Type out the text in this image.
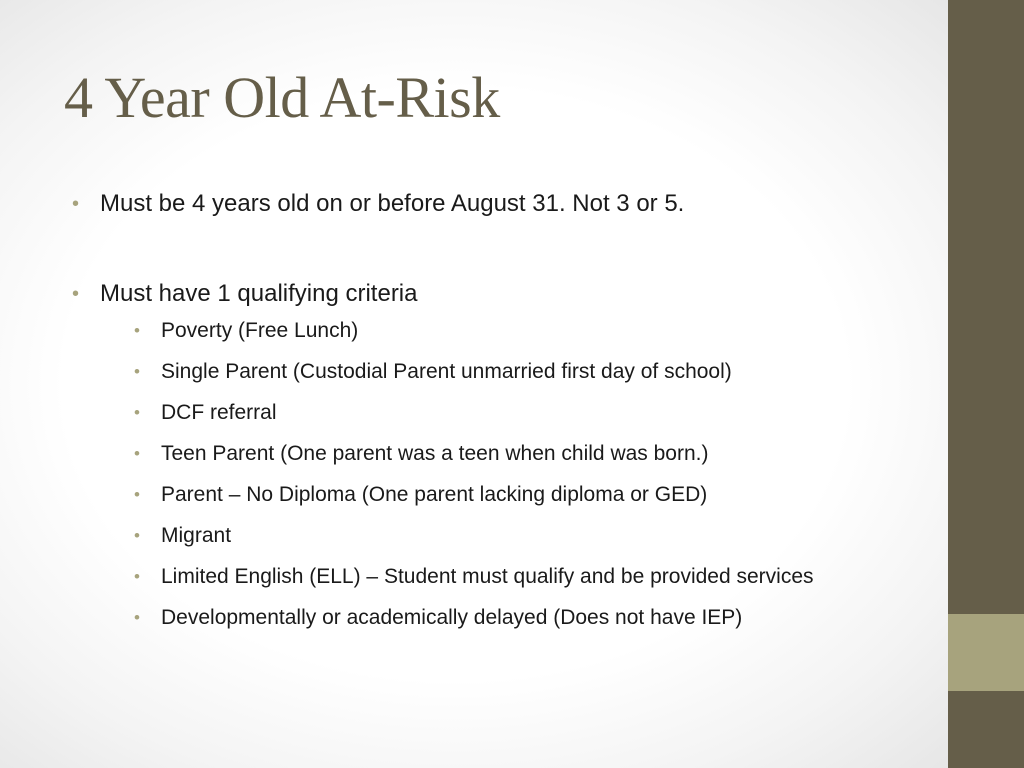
4 Year Old At-Risk
• Must be 4 years old on or before August 31. Not 3 or 5.
• Must have 1 qualifying criteria
• Poverty (Free Lunch)
• Single Parent (Custodial Parent unmarried first day of school)
• DCF referral
• Teen Parent (One parent was a teen when child was born.)
• Parent – No Diploma (One parent lacking diploma or GED)
• Migrant
• Limited English (ELL) – Student must qualify and be provided services
• Developmentally or academically delayed (Does not have IEP)
